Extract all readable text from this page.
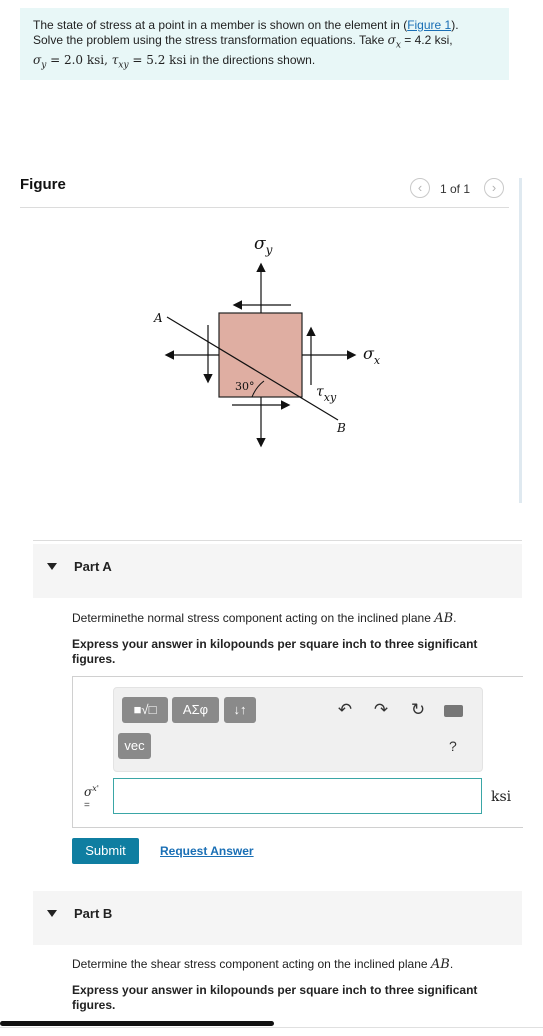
The state of stress at a point in a member is shown on the element in (Figure 1).
Solve the problem using the stress transformation equations. Take $\sigma_x = 4.2$ ksi,
$\sigma_y = 2.0$ ksi, $\tau_{xy} = 5.2$ ksi in the directions shown.
Figure	‹	1 of 1	›
$\sigma_y$
$\sigma_x$
$\tau_{xy}$
A
B
30°
Part A
Determinethe normal stress component acting on the inclined plane AB.
Express your answer in kilopounds per square inch to three significant figures.
■√□	ΑΣφ	↓↑
vec
↶ ↷ ↻
?
$\sigma^{x'}$
=
ksi
Submit	Request Answer
Part B
Determine the shear stress component acting on the inclined plane AB.
Express your answer in kilopounds per square inch to three significant figures.
